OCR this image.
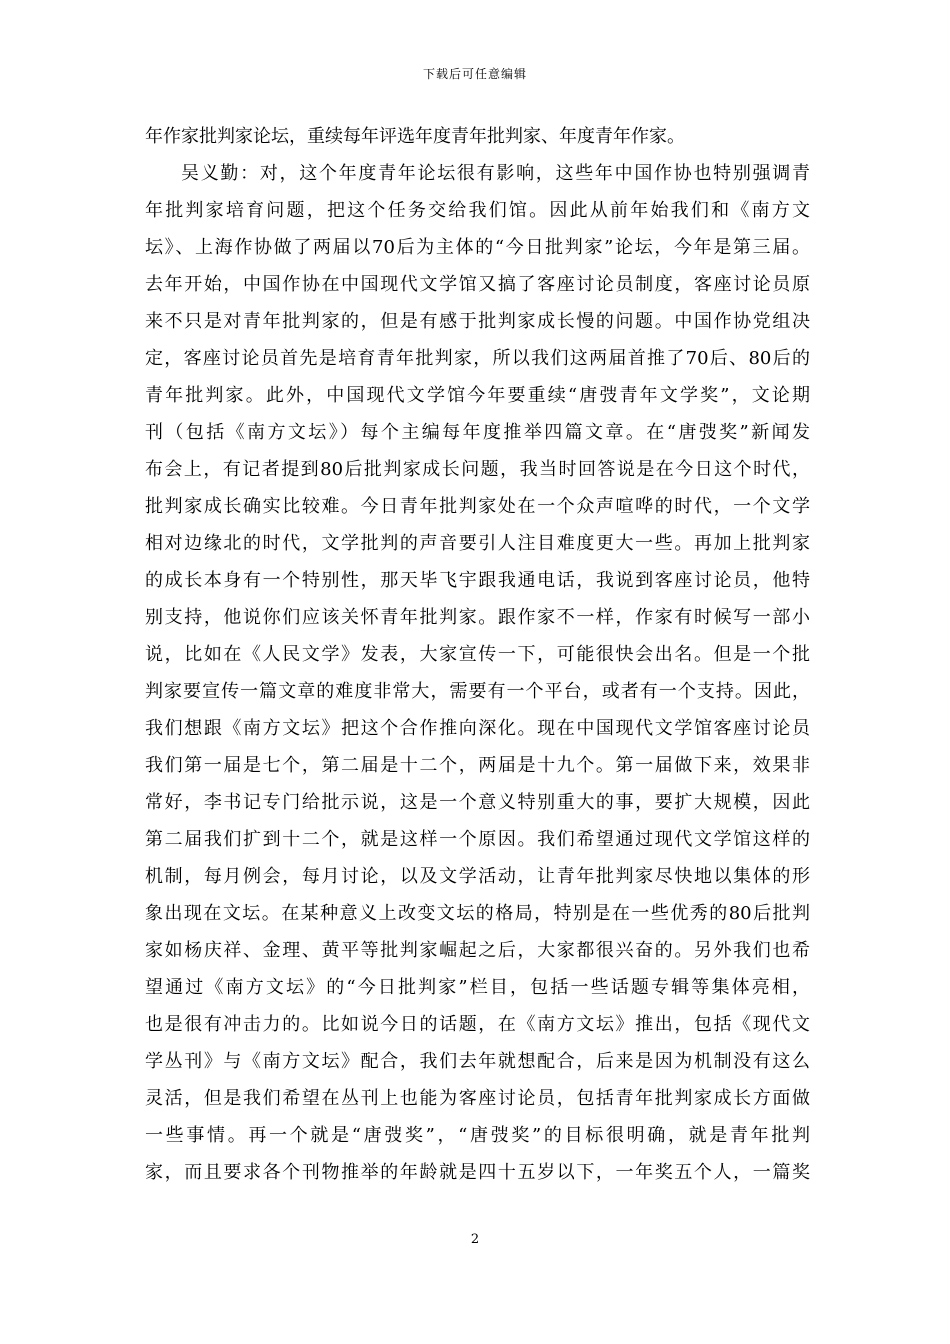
下载后可任意编辑
年作家批判家论坛，重续每年评选年度青年批判家、年度青年作家。
吴义勤：对，这个年度青年论坛很有影响，这些年中国作协也特别强调青
年批判家培育问题，把这个任务交给我们馆。因此从前年始我们和《南方文
坛》、上海作协做了两届以70后为主体的“今日批判家”论坛，今年是第三届。
去年开始，中国作协在中国现代文学馆又搞了客座讨论员制度，客座讨论员原
来不只是对青年批判家的，但是有感于批判家成长慢的问题。中国作协党组决
定，客座讨论员首先是培育青年批判家，所以我们这两届首推了70后、80后的
青年批判家。此外，中国现代文学馆今年要重续“唐弢青年文学奖”，文论期
刊（包括《南方文坛》）每个主编每年度推举四篇文章。在“唐弢奖”新闻发
布会上，有记者提到80后批判家成长问题，我当时回答说是在今日这个时代，
批判家成长确实比较难。今日青年批判家处在一个众声喧哗的时代，一个文学
相对边缘北的时代，文学批判的声音要引人注目难度更大一些。再加上批判家
的成长本身有一个特别性，那天毕飞宇跟我通电话，我说到客座讨论员，他特
别支持，他说你们应该关怀青年批判家。跟作家不一样，作家有时候写一部小
说，比如在《人民文学》发表，大家宣传一下，可能很快会出名。但是一个批
判家要宣传一篇文章的难度非常大，需要有一个平台，或者有一个支持。因此，
我们想跟《南方文坛》把这个合作推向深化。现在中国现代文学馆客座讨论员
我们第一届是七个，第二届是十二个，两届是十九个。第一届做下来，效果非
常好，李书记专门给批示说，这是一个意义特别重大的事，要扩大规模，因此
第二届我们扩到十二个，就是这样一个原因。我们希望通过现代文学馆这样的
机制，每月例会，每月讨论，以及文学活动，让青年批判家尽快地以集体的形
象出现在文坛。在某种意义上改变文坛的格局，特别是在一些优秀的80后批判
家如杨庆祥、金理、黄平等批判家崛起之后，大家都很兴奋的。另外我们也希
望通过《南方文坛》的“今日批判家”栏目，包括一些话题专辑等集体亮相，
也是很有冲击力的。比如说今日的话题，在《南方文坛》推出，包括《现代文
学丛刊》与《南方文坛》配合，我们去年就想配合，后来是因为机制没有这么
灵活，但是我们希望在丛刊上也能为客座讨论员，包括青年批判家成长方面做
一些事情。再一个就是“唐弢奖”，“唐弢奖”的目标很明确，就是青年批判
家，而且要求各个刊物推举的年龄就是四十五岁以下，一年奖五个人，一篇奖
2
